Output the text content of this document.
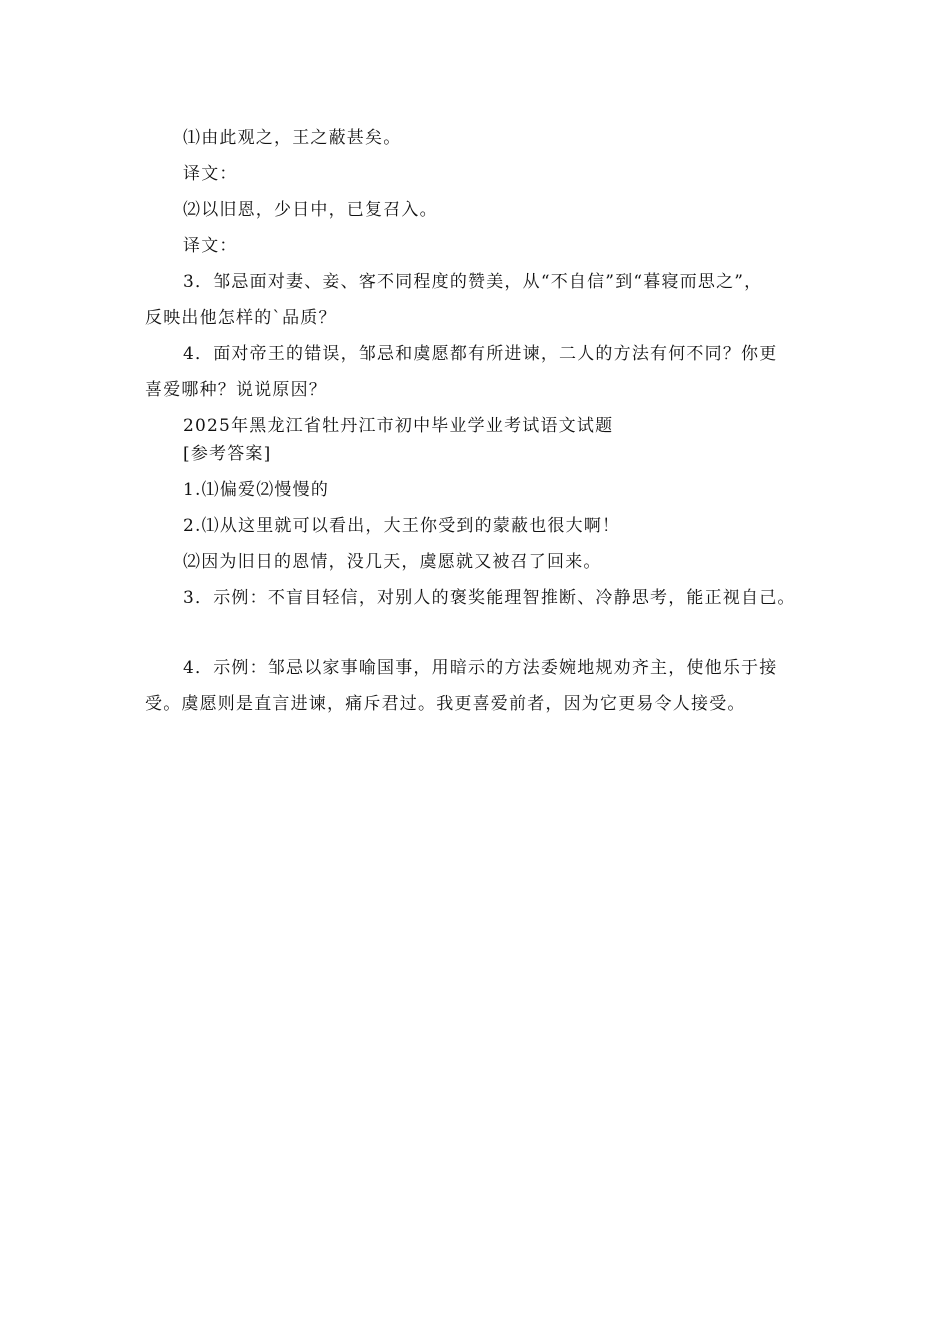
⑴由此观之，王之蔽甚矣。

译文：

⑵以旧恩，少日中，已复召入。

译文：

3．邹忌面对妻、妾、客不同程度的赞美，从“不自信”到“暮寝而思之”，

反映出他怎样的`品质？

4．面对帝王的错误，邹忌和虞愿都有所进谏，二人的方法有何不同？你更

喜爱哪种？说说原因？

2025年黑龙江省牡丹江市初中毕业学业考试语文试题

[参考答案]

1.⑴偏爱⑵慢慢的

2.⑴从这里就可以看出，大王你受到的蒙蔽也很大啊！

⑵因为旧日的恩情，没几天，虞愿就又被召了回来。

3．示例：不盲目轻信，对别人的褒奖能理智推断、冷静思考，能正视自己。

4．示例：邹忌以家事喻国事，用暗示的方法委婉地规劝齐主，使他乐于接

受。虞愿则是直言进谏，痛斥君过。我更喜爱前者，因为它更易令人接受。
